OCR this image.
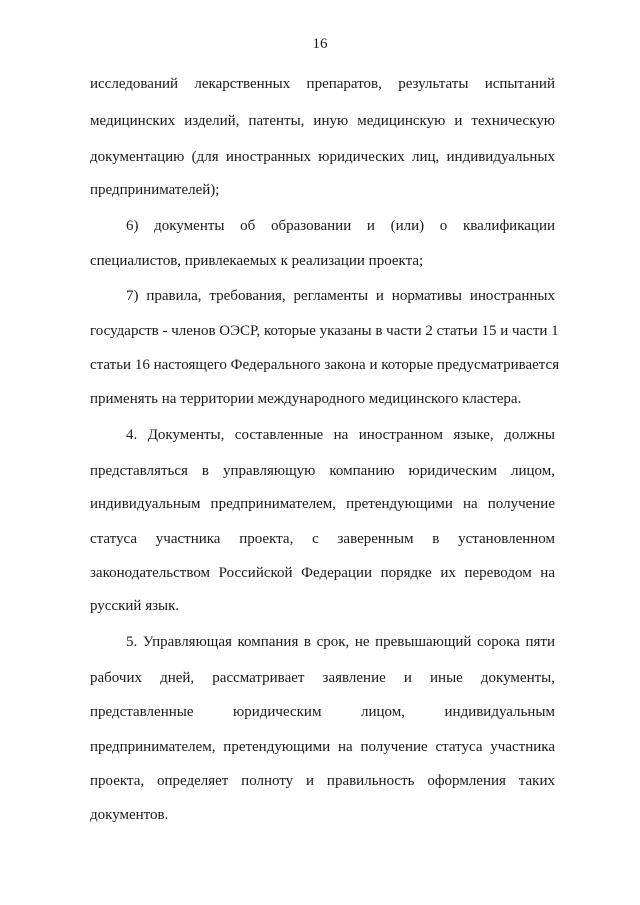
16
исследований лекарственных препаратов, результаты испытаний
медицинских изделий, патенты, иную медицинскую и техническую
документацию (для иностранных юридических лиц, индивидуальных
предпринимателей);
6) документы об образовании и (или) о квалификации
специалистов, привлекаемых к реализации проекта;
7) правила, требования, регламенты и нормативы иностранных
государств - членов ОЭСР, которые указаны в части 2 статьи 15 и части 1
статьи 16 настоящего Федерального закона и которые предусматривается
применять на территории международного медицинского кластера.
4. Документы, составленные на иностранном языке, должны
представляться в управляющую компанию юридическим лицом,
индивидуальным предпринимателем, претендующими на получение
статуса участника проекта, с заверенным в установленном
законодательством Российской Федерации порядке их переводом на
русский язык.
5. Управляющая компания в срок, не превышающий сорока пяти
рабочих дней, рассматривает заявление и иные документы,
представленные юридическим лицом, индивидуальным
предпринимателем, претендующими на получение статуса участника
проекта, определяет полноту и правильность оформления таких
документов.
